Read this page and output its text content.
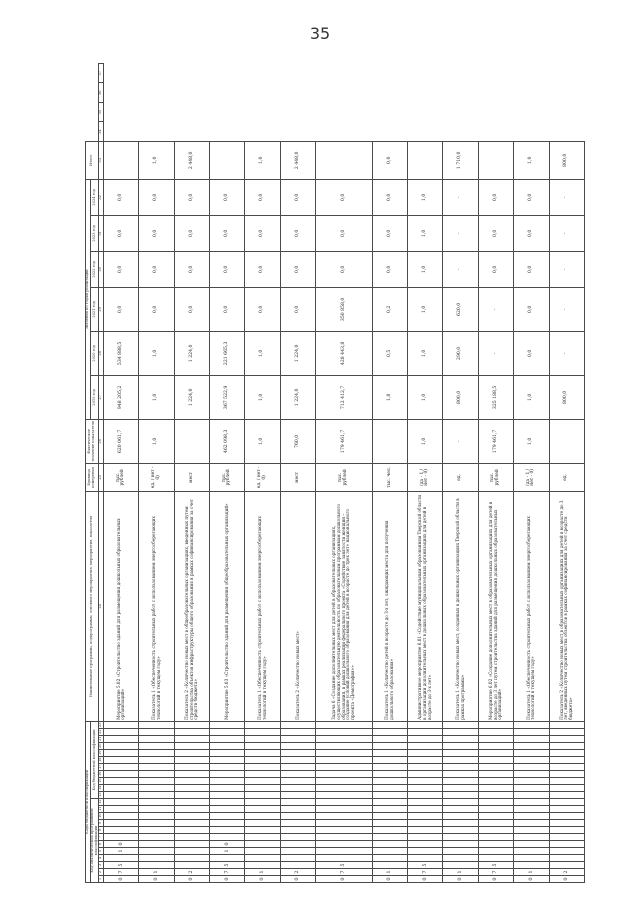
35
Коды бюджетной классификации																							Наименование программы, подпрограммы, основного мероприятия, мероприятия, показателя	Единица измерения	Фактическое значение показателя	Значения по годам реализации						Итого				
Код аналитической программной классификации												Код бюджетной классификации														2019 год	2020 год	2021 год	2022 год	2023 год	2024 год					
1	2	3	4	5	6	7	8	9	10	11	12	13	14	15	16	17	18	19	20	21	22	23	24	25	26	27	28	29	30	31	32	33	34	35	36	37
0	7	5		1	0																		Мероприятие 5.02 «Строительство зданий для размещения дошкольных образовательных организаций»	тыс. рублей	620 061,7	948 205,2	534 888,5	0,0	0,0	0,0	0,0					
0	1																						Показатель 1 «Обеспеченность строительных работ с использованием энергосберегающих технологий в текущем году»	ед. / нет - 0)	1,0	1,0	1,0	0,0	0,0	0,0	0,0	1,0				
0	2																						Показатель 2 «Количество новых мест в общеобразовательных организациях, введенных путем строительства объектов инфраструктуры общего образования в рамках софинансирования за счет средств бюджета»	мест		1 224,0	1 224,0	0,0	0,0	0,0	0,0	2 448,0				
0	7	5		1	0																		Мероприятие 5.03 «Строительство зданий для размещения общеобразовательных организаций»	тыс. рублей	462 098,3	367 522,9	221 665,3	0,0	0,0	0,0	0,0					
0	1																						Показатель 1 «Обеспеченность строительных работ с использованием энергосберегающих технологий в текущем году»	ед. / нет - 0)	1,0	1,0	1,0	0,0	0,0	0,0	0,0	1,0				
0	2																						Показатель 2 «Количество новых мест»	мест	760,0	1 224,0	1 224,0	0,0	0,0	0,0	0,0	2 448,0				
0	7	5																					Задача 6 «Создание дополнительных мест для детей в образовательных организациях, осуществляющих образовательную деятельность по образовательным программам дошкольного образования, в рамках реализации федерального проекта «Содействие занятости женщин – создание условий дошкольного образования для детей в возрасте до трех лет» национального проекта «Демография»»	тыс. рублей	179 461,7	712 412,7	428 443,8	350 858,0	0,0	0,0	0,0					
0	1																						Показатель 1 «Количество детей в возрасте до 3-х лет, ожидающих места для получения дошкольного образования»	тыс. чел.		1,8	0,5	0,2	0,0	0,0	0,0	0,0				
0	7	5																					Административное мероприятие 6.01 «Содействие муниципальным образованиям Тверской области в организации дополнительных мест в дошкольных образовательных организациях для детей в возрасте до 3-х лет»	(да - 1 / нет - 0)	1,0	1,0	1,0	1,0	1,0	1,0	1,0					
0	1																						Показатель 1 «Количество новых мест, созданных в дошкольных организациях Тверской области в рамках программы»	ед.	-	800,0	290,0	620,0	-	-	-	1 710,0				
0	7	5																					Мероприятие 6.02 «Создание дополнительных мест в образовательных организациях для детей в возрасте до 3 лет путем строительства зданий для размещения дошкольных образовательных организаций»	тыс. рублей	179 461,7	325 188,5	-	-	0,0	0,0	0,0					
0	1																						Показатель 1 «Обеспеченность строительных работ с использованием энергосберегающих технологий в текущем году»	(да - 1 / нет - 0)	1,0	1,0	0,0	0,0	0,0	0,0	0,0	1,0				
0	2																						Показатель 2 «Количество новых мест в образовательных организациях для детей в возрасте до 3 лет, введенных путем строительства объектов в рамках софинансирования за счет средств бюджета»	ед.		800,0	-	-	-	-	-	800,0				
